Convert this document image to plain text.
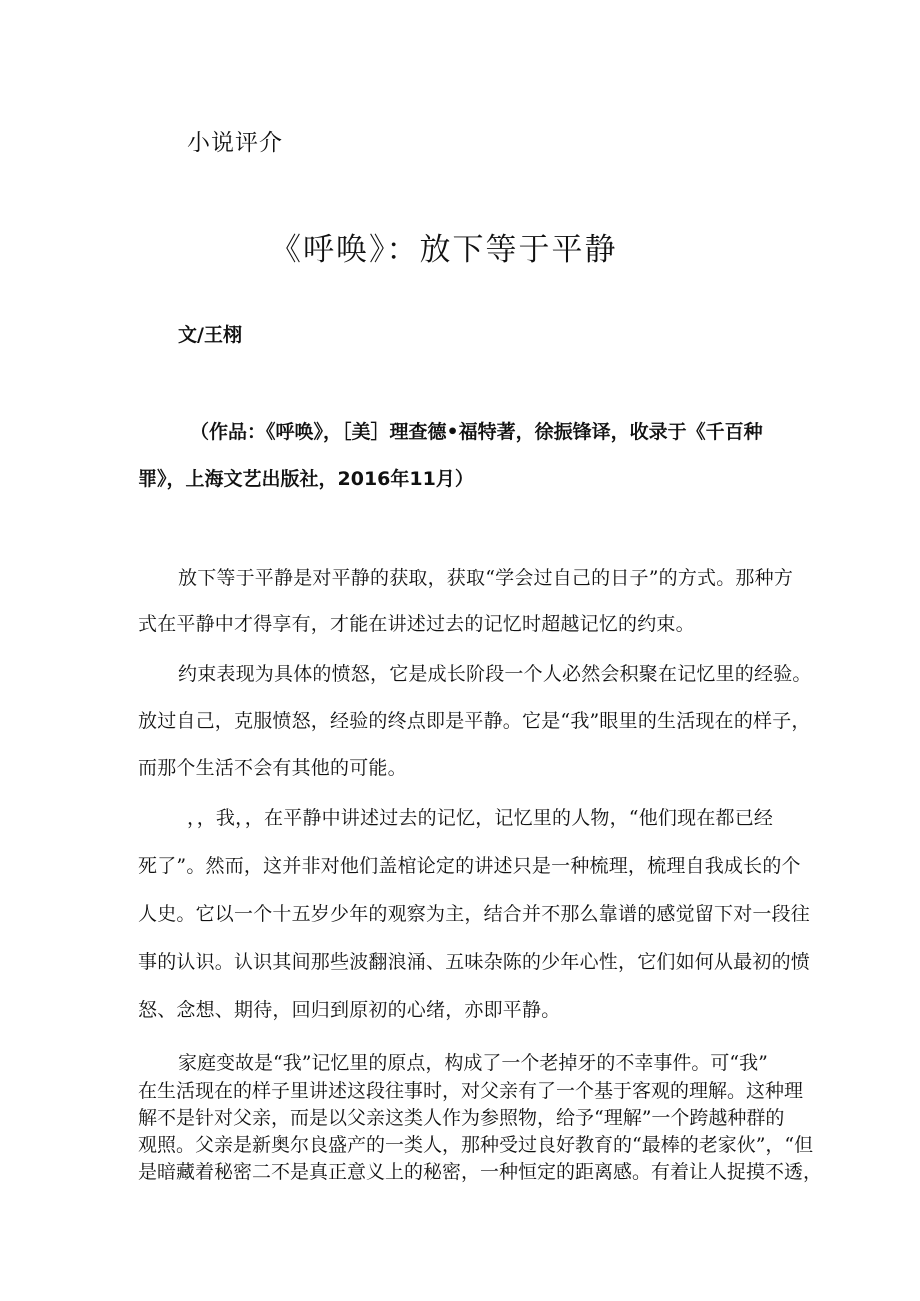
小说评介
《呼唤》：放下等于平静
文/王栩
（作品：《呼唤》，［美］理查德•福特著，徐振锋译，收录于《千百种
罪》，上海文艺出版社，2016年11月）
放下等于平静是对平静的获取，获取“学会过自己的日子”的方式。那种方
式在平静中才得享有，才能在讲述过去的记忆时超越记忆的约束。
约束表现为具体的愤怒，它是成长阶段一个人必然会积聚在记忆里的经验。
放过自己，克服愤怒，经验的终点即是平静。它是“我”眼里的生活现在的样子，
而那个生活不会有其他的可能。
，，我，，在平静中讲述过去的记忆，记忆里的人物，“他们现在都已经
死了”。然而，这并非对他们盖棺论定的讲述只是一种梳理，梳理自我成长的个
人史。它以一个十五岁少年的观察为主，结合并不那么靠谱的感觉留下对一段往
事的认识。认识其间那些波翻浪涌、五味杂陈的少年心性，它们如何从最初的愤
怒、念想、期待，回归到原初的心绪，亦即平静。
家庭变故是“我”记忆里的原点，构成了一个老掉牙的不幸事件。可“我”
在生活现在的样子里讲述这段往事时，对父亲有了一个基于客观的理解。这种理
解不是针对父亲，而是以父亲这类人作为参照物，给予“理解”一个跨越种群的
观照。父亲是新奥尔良盛产的一类人，那种受过良好教育的“最棒的老家伙”，“但
是暗藏着秘密二不是真正意义上的秘密，一种恒定的距离感。有着让人捉摸不透，
